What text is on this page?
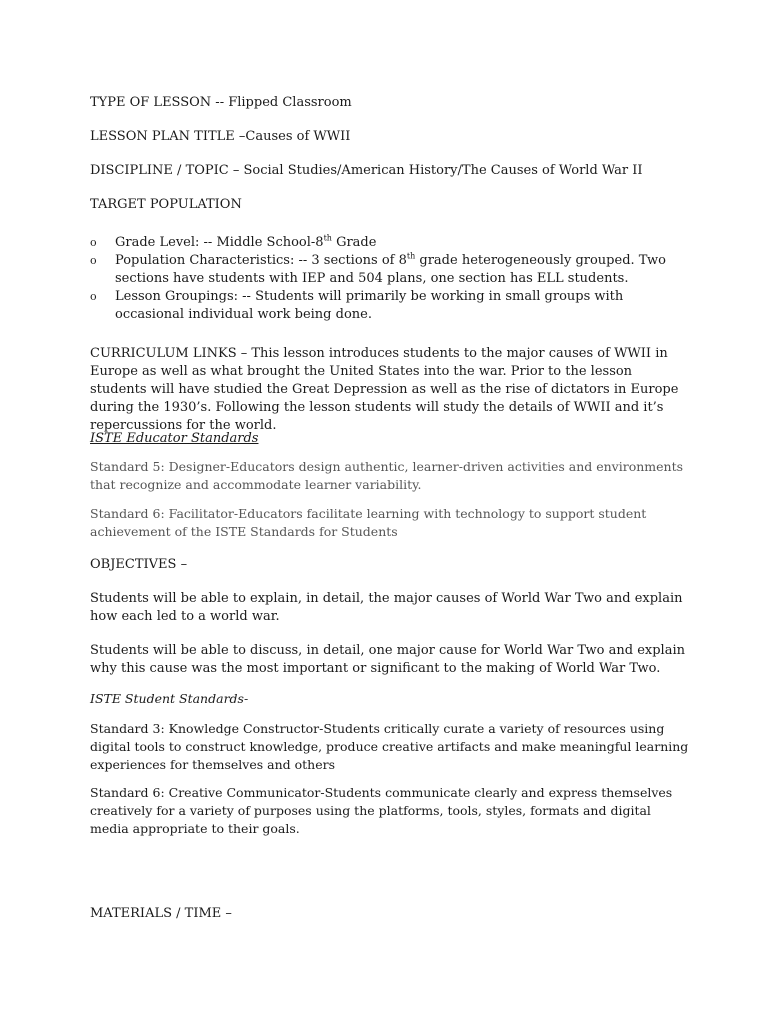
TYPE OF LESSON -- Flipped Classroom

LESSON PLAN TITLE –Causes of WWII

DISCIPLINE / TOPIC – Social Studies/American History/The Causes of World War II

TARGET POPULATION

o Grade Level: -- Middle School-8th Grade
o Population Characteristics: -- 3 sections of 8th grade heterogeneously grouped. Two sections have students with IEP and 504 plans, one section has ELL students.
o Lesson Groupings: -- Students will primarily be working in small groups with occasional individual work being done.

CURRICULUM LINKS – This lesson introduces students to the major causes of WWII in Europe as well as what brought the United States into the war. Prior to the lesson students will have studied the Great Depression as well as the rise of dictators in Europe during the 1930’s. Following the lesson students will study the details of WWII and it’s repercussions for the world.

ISTE Educator Standards

Standard 5: Designer-Educators design authentic, learner-driven activities and environments that recognize and accommodate learner variability.

Standard 6: Facilitator-Educators facilitate learning with technology to support student achievement of the ISTE Standards for Students

OBJECTIVES –

Students will be able to explain, in detail, the major causes of World War Two and explain how each led to a world war.

Students will be able to discuss, in detail, one major cause for World War Two and explain why this cause was the most important or significant to the making of World War Two.

ISTE Student Standards-

Standard 3: Knowledge Constructor-Students critically curate a variety of resources using digital tools to construct knowledge, produce creative artifacts and make meaningful learning experiences for themselves and others

Standard 6: Creative Communicator-Students communicate clearly and express themselves creatively for a variety of purposes using the platforms, tools, styles, formats and digital media appropriate to their goals.

MATERIALS / TIME –
